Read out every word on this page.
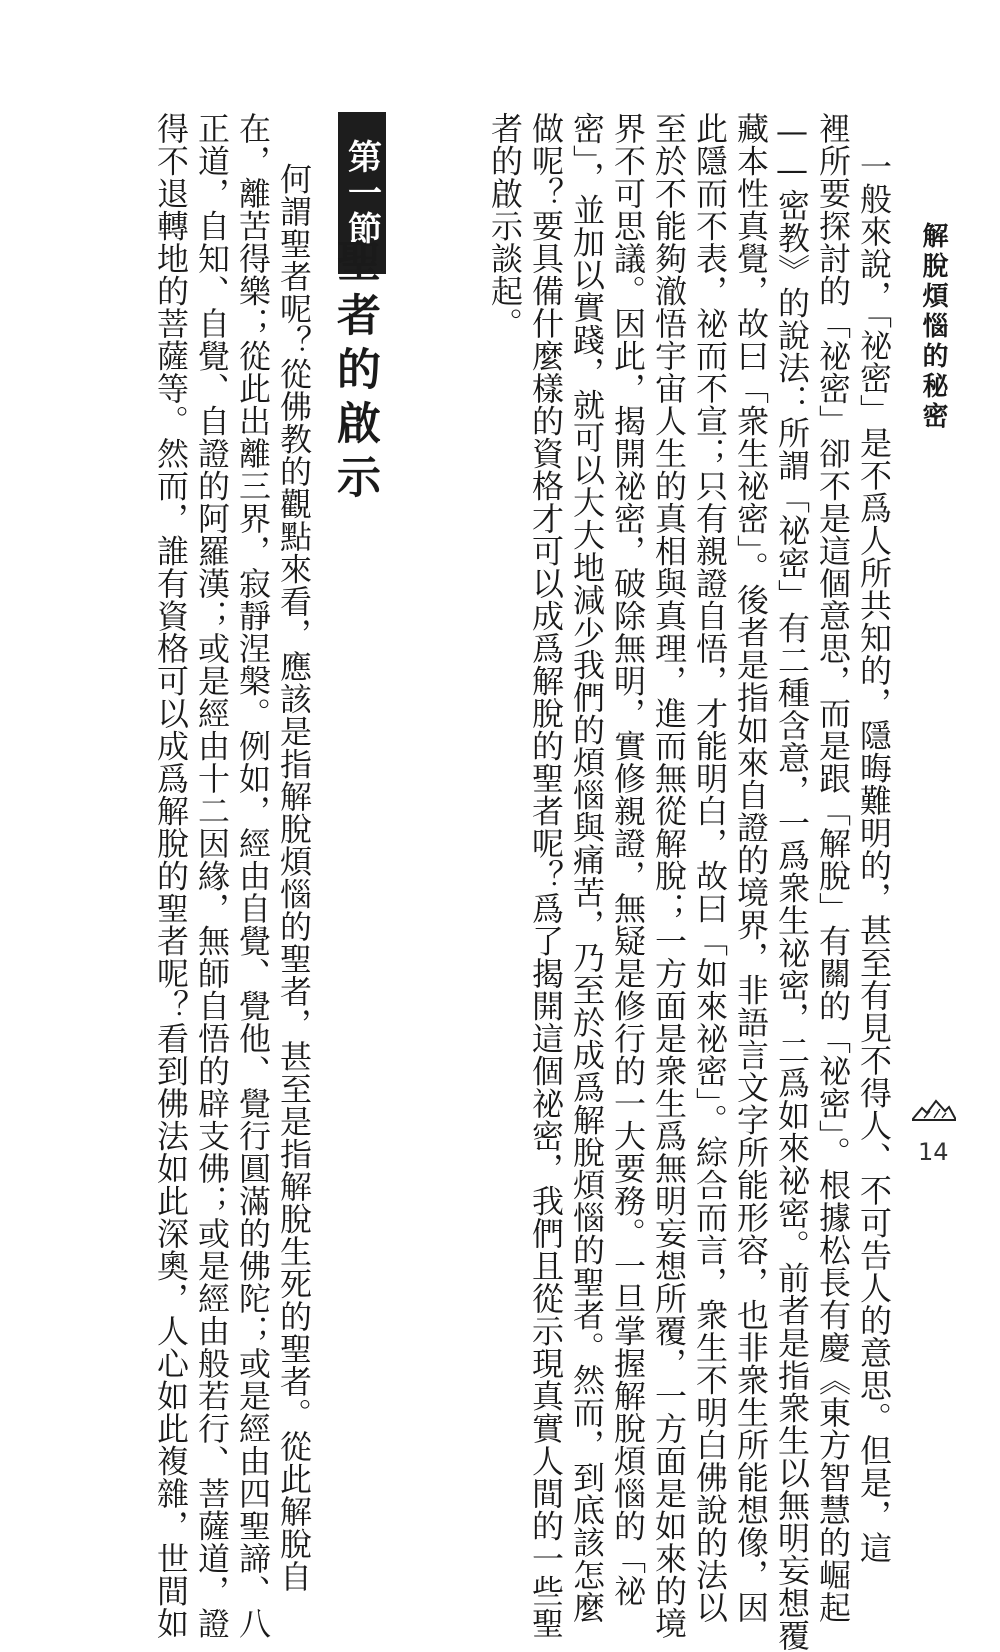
解脫煩惱的秘密
14
一般來說，「祕密」是不爲人所共知的，隱晦難明的，甚至有見不得人、不可告人的意思。但是，這
裡所要探討的「祕密」卻不是這個意思，而是跟「解脫」有關的「祕密」。根據松長有慶《東方智慧的崛起
——密教》的說法：所謂「祕密」有二種含意，一爲衆生祕密，二爲如來祕密。前者是指衆生以無明妄想覆
藏本性真覺，故曰「衆生祕密」。後者是指如來自證的境界，非語言文字所能形容，也非衆生所能想像，因
此隱而不表，祕而不宣；只有親證自悟，才能明白，故曰「如來祕密」。綜合而言，衆生不明白佛說的法以
至於不能夠澈悟宇宙人生的真相與真理，進而無從解脫；一方面是衆生爲無明妄想所覆，一方面是如來的境
界不可思議。因此，揭開祕密，破除無明，實修親證，無疑是修行的一大要務。一旦掌握解脫煩惱的「祕
密」，並加以實踐，就可以大大地減少我們的煩惱與痛苦，乃至於成爲解脫煩惱的聖者。然而，到底該怎麼
做呢？要具備什麼樣的資格才可以成爲解脫的聖者呢？爲了揭開這個祕密，我們且從示現真實人間的一些聖
者的啟示談起。
第一節
聖者的啟示
　何謂聖者呢？從佛教的觀點來看，應該是指解脫煩惱的聖者，甚至是指解脫生死的聖者。從此解脫自
在，離苦得樂；從此出離三界，寂靜涅槃。例如，經由自覺、覺他、覺行圓滿的佛陀；或是經由四聖諦、八
正道，自知、自覺、自證的阿羅漢；或是經由十二因緣，無師自悟的辟支佛；或是經由般若行、菩薩道，證
得不退轉地的菩薩等。然而，誰有資格可以成爲解脫的聖者呢？看到佛法如此深奧，人心如此複雜，世間如
